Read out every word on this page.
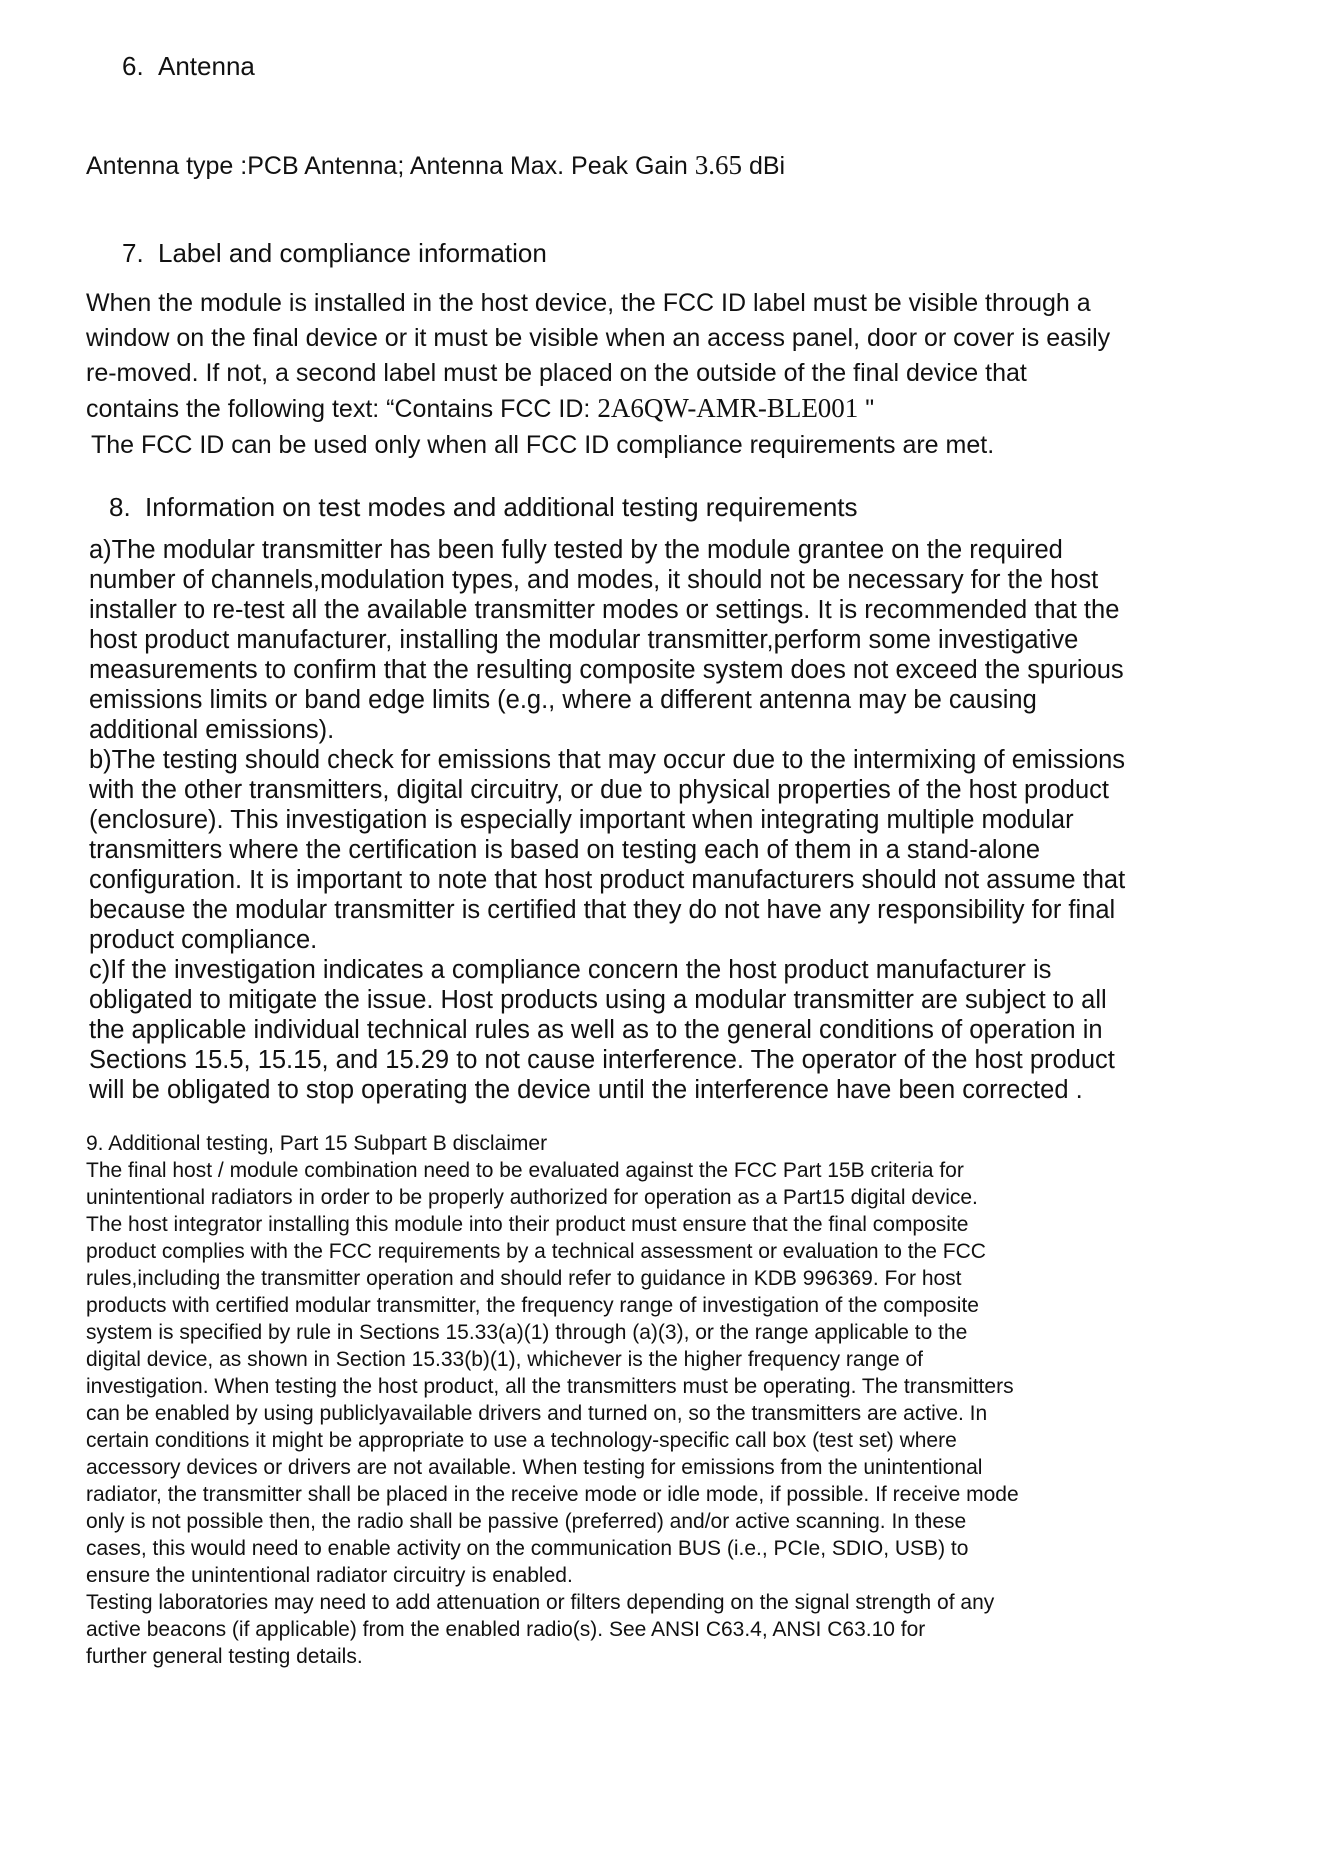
6. Antenna
Antenna type :PCB Antenna; Antenna Max. Peak Gain 3.65 dBi
7. Label and compliance information
When the module is installed in the host device, the FCC ID label must be visible through a
window on the final device or it must be visible when an access panel, door or cover is easily
re-moved. If not, a second label must be placed on the outside of the final device that
contains the following text: “Contains FCC ID: 2A6QW-AMR-BLE001 "
The FCC ID can be used only when all FCC ID compliance requirements are met.
8. Information on test modes and additional testing requirements
a)The modular transmitter has been fully tested by the module grantee on the required
number of channels,modulation types, and modes, it should not be necessary for the host
installer to re-test all the available transmitter modes or settings. It is recommended that the
host product manufacturer, installing the modular transmitter,perform some investigative
measurements to confirm that the resulting composite system does not exceed the spurious
emissions limits or band edge limits (e.g., where a different antenna may be causing
additional emissions).
b)The testing should check for emissions that may occur due to the intermixing of emissions
with the other transmitters, digital circuitry, or due to physical properties of the host product
(enclosure). This investigation is especially important when integrating multiple modular
transmitters where the certification is based on testing each of them in a stand-alone
configuration. It is important to note that host product manufacturers should not assume that
because the modular transmitter is certified that they do not have any responsibility for final
product compliance.
c)If the investigation indicates a compliance concern the host product manufacturer is
obligated to mitigate the issue. Host products using a modular transmitter are subject to all
the applicable individual technical rules as well as to the general conditions of operation in
Sections 15.5, 15.15, and 15.29 to not cause interference. The operator of the host product
will be obligated to stop operating the device until the interference have been corrected .
9. Additional testing, Part 15 Subpart B disclaimer
The final host / module combination need to be evaluated against the FCC Part 15B criteria for
unintentional radiators in order to be properly authorized for operation as a Part15 digital device.
The host integrator installing this module into their product must ensure that the final composite
product complies with the FCC requirements by a technical assessment or evaluation to the FCC
rules,including the transmitter operation and should refer to guidance in KDB 996369. For host
products with certified modular transmitter, the frequency range of investigation of the composite
system is specified by rule in Sections 15.33(a)(1) through (a)(3), or the range applicable to the
digital device, as shown in Section 15.33(b)(1), whichever is the higher frequency range of
investigation. When testing the host product, all the transmitters must be operating. The transmitters
can be enabled by using publiclyavailable drivers and turned on, so the transmitters are active. In
certain conditions it might be appropriate to use a technology-specific call box (test set) where
accessory devices or drivers are not available. When testing for emissions from the unintentional
radiator, the transmitter shall be placed in the receive mode or idle mode, if possible. If receive mode
only is not possible then, the radio shall be passive (preferred) and/or active scanning. In these
cases, this would need to enable activity on the communication BUS (i.e., PCIe, SDIO, USB) to
ensure the unintentional radiator circuitry is enabled.
Testing laboratories may need to add attenuation or filters depending on the signal strength of any
active beacons (if applicable) from the enabled radio(s). See ANSI C63.4, ANSI C63.10 for
further general testing details.
